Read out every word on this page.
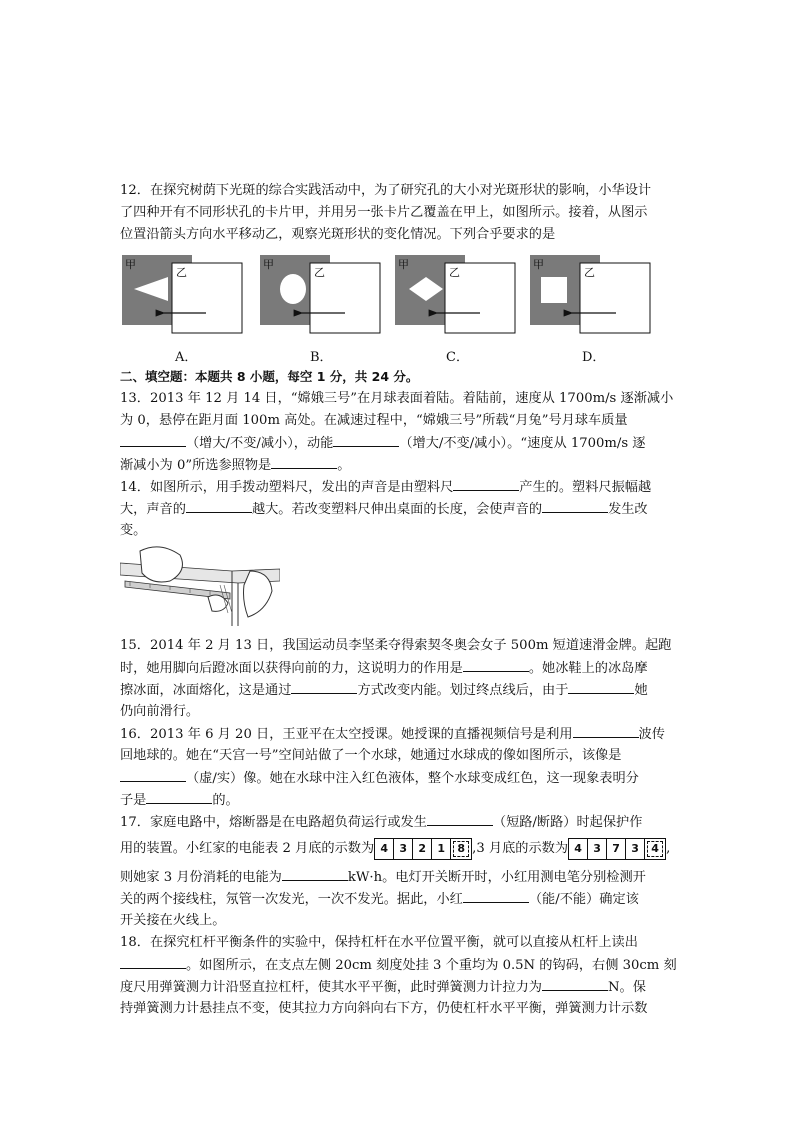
12．在探究树荫下光斑的综合实践活动中，为了研究孔的大小对光斑形状的影响，小华设计
了四种开有不同形状孔的卡片甲，并用另一张卡片乙覆盖在甲上，如图所示。接着，从图示
位置沿箭头方向水平移动乙，观察光斑形状的变化情况。下列合乎要求的是
甲
乙
甲
乙
甲
乙
甲
乙
A．	B．	C．	D．
二、填空题：本题共 8 小题，每空 1 分，共 24 分。
13．2013 年 12 月 14 日，“嫦娥三号”在月球表面着陆。着陆前，速度从 1700m/s 逐渐减小
为 0，悬停在距月面 100m 高处。在减速过程中，“嫦娥三号”所载“月兔”号月球车质量
（增大/不变/减小），动能	（增大/不变/减小）。“速度从 1700m/s 逐
渐减小为 0”所选参照物是	。
14．如图所示，用手拨动塑料尺，发出的声音是由塑料尺	产生的。塑料尺振幅越
大，声音的	越大。若改变塑料尺伸出桌面的长度，会使声音的	发生改
变。
15．2014 年 2 月 13 日，我国运动员李坚柔夺得索契冬奥会女子 500m 短道速滑金牌。起跑
时，她用脚向后蹬冰面以获得向前的力，这说明力的作用是	。她冰鞋上的冰岛摩
擦冰面，冰面熔化，这是通过	方式改变内能。划过终点线后，由于	她
仍向前滑行。
16．2013 年 6 月 20 日，王亚平在太空授课。她授课的直播视频信号是利用	波传
回地球的。她在“天宫一号”空间站做了一个水球，她通过水球成的像如图所示，该像是
（虚/实）像。她在水球中注入红色液体，整个水球变成红色，这一现象表明分
子是	的。
17．家庭电路中，熔断器是在电路超负荷运行或发生	（短路/断路）时起保护作
用的装置。小红家的电能表 2 月底的示数为 4	3	2	1	8 ,3 月底的示数为 4	3	7	3	4 ,
则她家 3 月份消耗的电能为	kW·h。电灯开关断开时，小红用测电笔分别检测开
关的两个接线柱，氖管一次发光，一次不发光。据此，小红	（能/不能）确定该
开关接在火线上。
18．在探究杠杆平衡条件的实验中，保持杠杆在水平位置平衡，就可以直接从杠杆上读出
。如图所示，在支点左侧 20cm 刻度处挂 3 个重均为 0.5N 的钩码，右侧 30cm 刻
度尺用弹簧测力计沿竖直拉杠杆，使其水平平衡，此时弹簧测力计拉力为	N。保
持弹簧测力计悬挂点不变，使其拉力方向斜向右下方，仍使杠杆水平平衡，弹簧测力计示数
